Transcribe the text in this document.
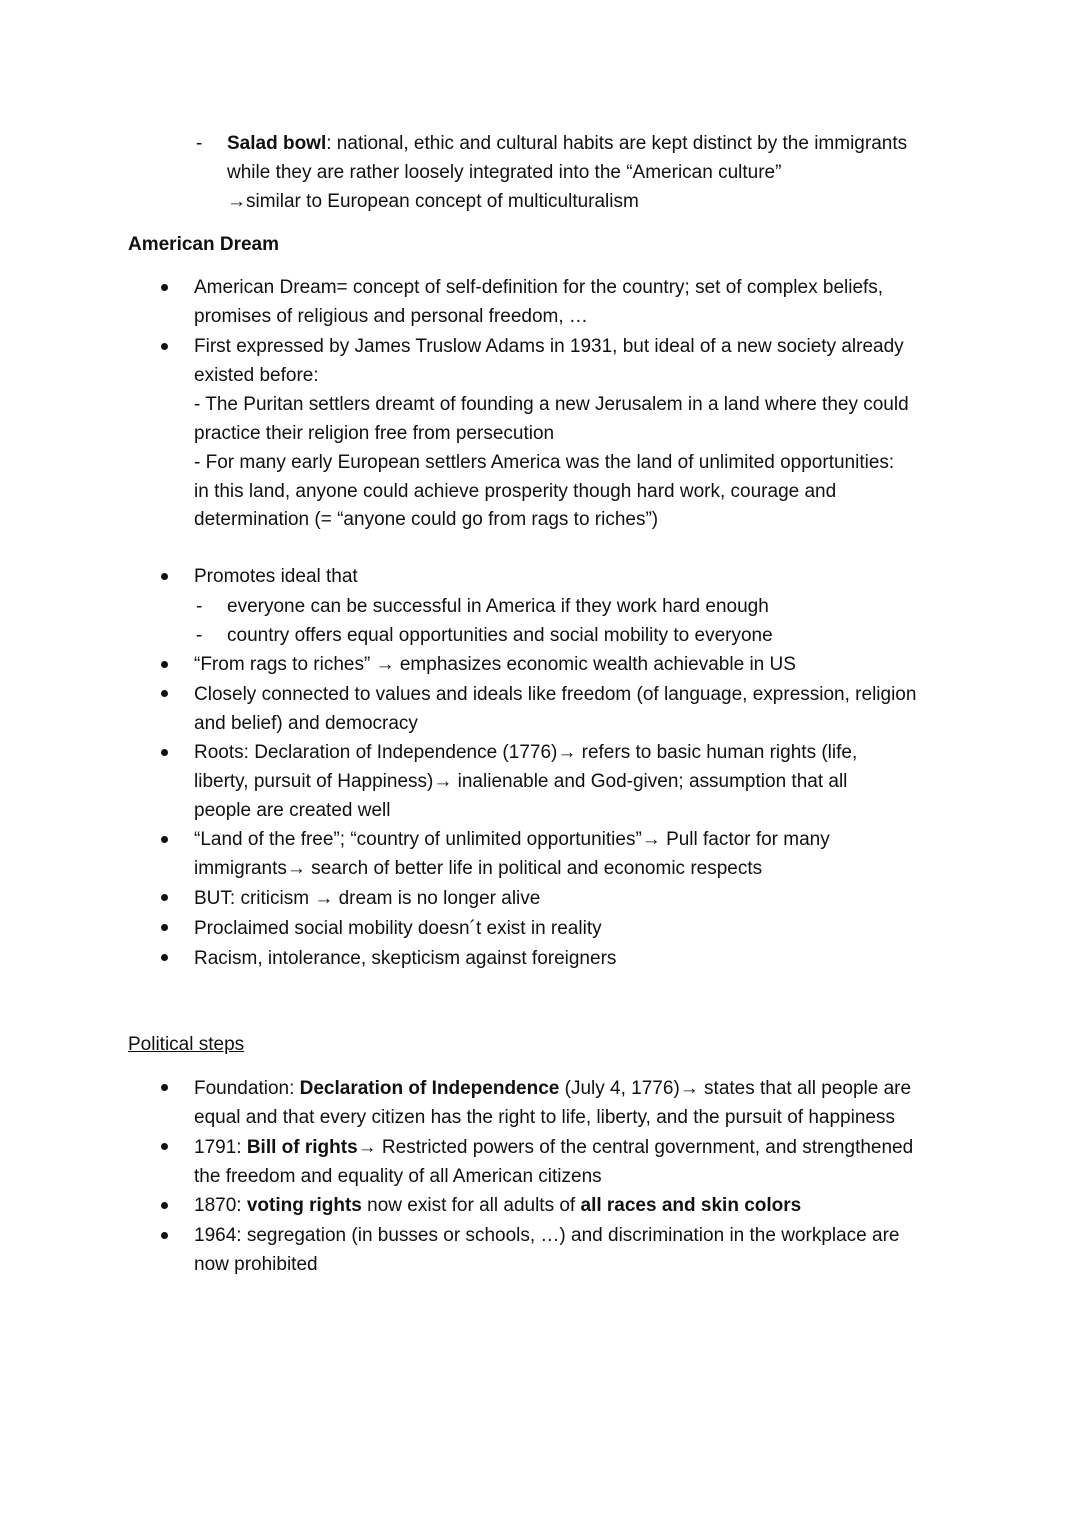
- Salad bowl: national, ethic and cultural habits are kept distinct by the immigrants
while they are rather loosely integrated into the “American culture”
→similar to European concept of multiculturalism
American Dream
American Dream= concept of self-definition for the country; set of complex beliefs,
promises of religious and personal freedom, …
First expressed by James Truslow Adams in 1931, but ideal of a new society already
existed before:
- The Puritan settlers dreamt of founding a new Jerusalem in a land where they could
practice their religion free from persecution
- For many early European settlers America was the land of unlimited opportunities:
in this land, anyone could achieve prosperity though hard work, courage and
determination (= “anyone could go from rags to riches”)
Promotes ideal that
- everyone can be successful in America if they work hard enough
- country offers equal opportunities and social mobility to everyone
“From rags to riches” → emphasizes economic wealth achievable in US
Closely connected to values and ideals like freedom (of language, expression, religion
and belief) and democracy
Roots: Declaration of Independence (1776)→ refers to basic human rights (life,
liberty, pursuit of Happiness)→ inalienable and God-given; assumption that all
people are created well
“Land of the free”; “country of unlimited opportunities”→ Pull factor for many
immigrants→ search of better life in political and economic respects
BUT: criticism → dream is no longer alive
Proclaimed social mobility doesn´t exist in reality
Racism, intolerance, skepticism against foreigners
Political steps
Foundation: Declaration of Independence (July 4, 1776)→ states that all people are
equal and that every citizen has the right to life, liberty, and the pursuit of happiness
1791: Bill of rights→ Restricted powers of the central government, and strengthened
the freedom and equality of all American citizens
1870: voting rights now exist for all adults of all races and skin colors
1964: segregation (in busses or schools, …) and discrimination in the workplace are
now prohibited
